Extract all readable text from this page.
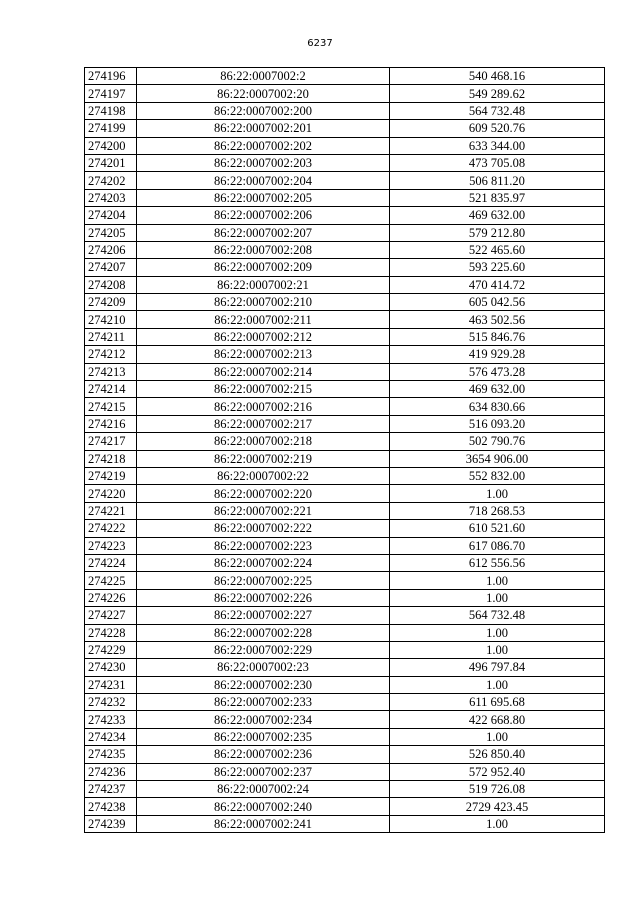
6237
274196	86:22:0007002:2	540 468.16
274197	86:22:0007002:20	549 289.62
274198	86:22:0007002:200	564 732.48
274199	86:22:0007002:201	609 520.76
274200	86:22:0007002:202	633 344.00
274201	86:22:0007002:203	473 705.08
274202	86:22:0007002:204	506 811.20
274203	86:22:0007002:205	521 835.97
274204	86:22:0007002:206	469 632.00
274205	86:22:0007002:207	579 212.80
274206	86:22:0007002:208	522 465.60
274207	86:22:0007002:209	593 225.60
274208	86:22:0007002:21	470 414.72
274209	86:22:0007002:210	605 042.56
274210	86:22:0007002:211	463 502.56
274211	86:22:0007002:212	515 846.76
274212	86:22:0007002:213	419 929.28
274213	86:22:0007002:214	576 473.28
274214	86:22:0007002:215	469 632.00
274215	86:22:0007002:216	634 830.66
274216	86:22:0007002:217	516 093.20
274217	86:22:0007002:218	502 790.76
274218	86:22:0007002:219	3654 906.00
274219	86:22:0007002:22	552 832.00
274220	86:22:0007002:220	1.00
274221	86:22:0007002:221	718 268.53
274222	86:22:0007002:222	610 521.60
274223	86:22:0007002:223	617 086.70
274224	86:22:0007002:224	612 556.56
274225	86:22:0007002:225	1.00
274226	86:22:0007002:226	1.00
274227	86:22:0007002:227	564 732.48
274228	86:22:0007002:228	1.00
274229	86:22:0007002:229	1.00
274230	86:22:0007002:23	496 797.84
274231	86:22:0007002:230	1.00
274232	86:22:0007002:233	611 695.68
274233	86:22:0007002:234	422 668.80
274234	86:22:0007002:235	1.00
274235	86:22:0007002:236	526 850.40
274236	86:22:0007002:237	572 952.40
274237	86:22:0007002:24	519 726.08
274238	86:22:0007002:240	2729 423.45
274239	86:22:0007002:241	1.00
